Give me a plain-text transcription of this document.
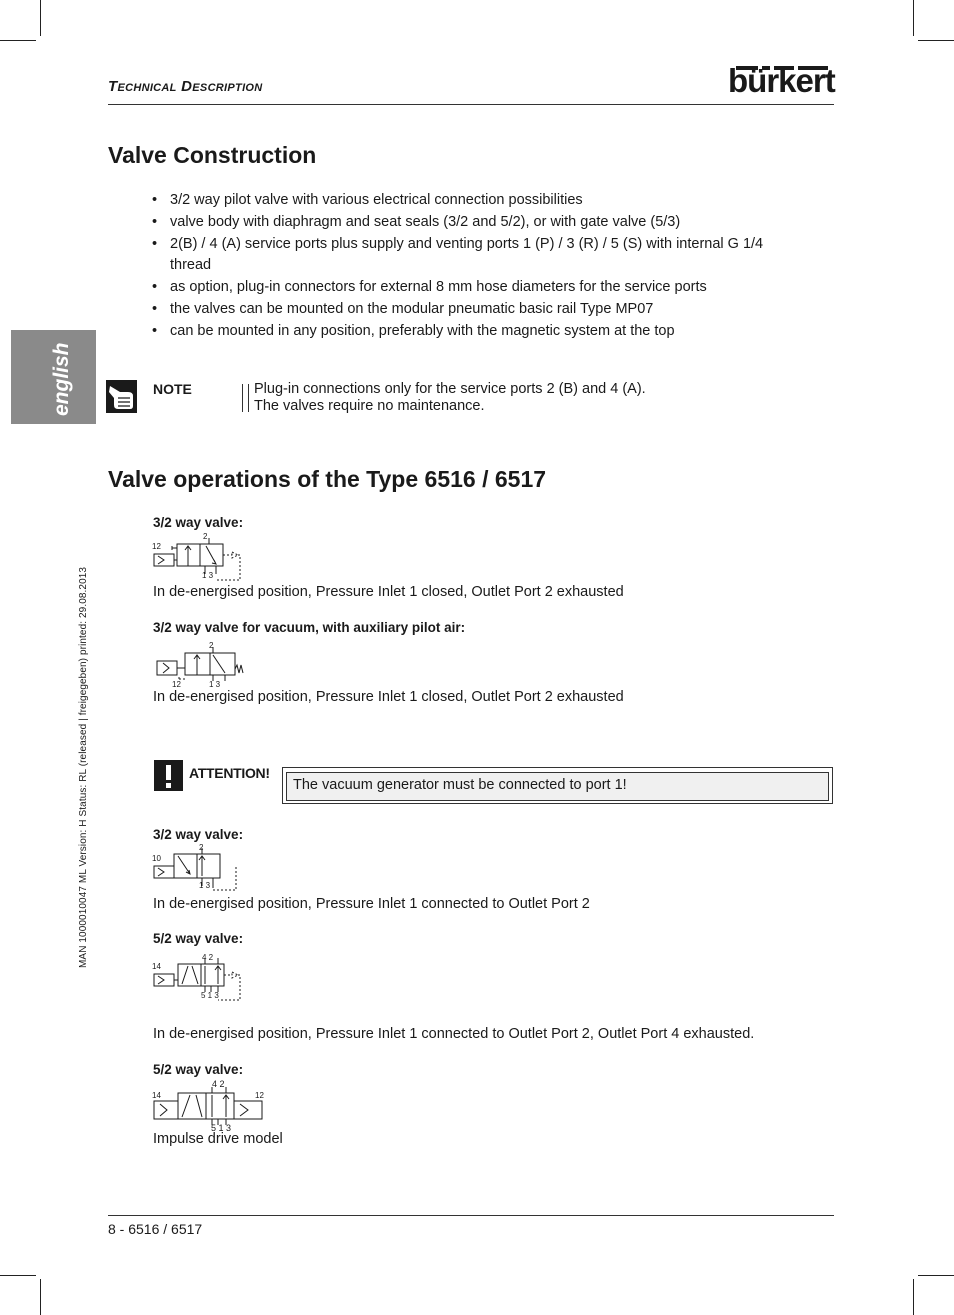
Technical Description	bürkert
english
MAN 1000010047 ML Version: H Status: RL (released | freigegeben) printed: 29.08.2013
Valve Construction
• 3/2 way pilot valve with various electrical connection possibilities
• valve body with diaphragm and seat seals (3/2 and 5/2), or with gate valve (5/3)
• 2(B) / 4 (A) service ports plus supply and venting ports 1 (P) / 3 (R) / 5 (S) with internal G 1/4 thread
• as option, plug-in connectors for external 8 mm hose diameters for the service ports
• the valves can be mounted on the modular pneumatic basic rail Type MP07
• can be mounted in any position, preferably with the magnetic system at the top
NOTE	Plug-in connections only for the service ports 2 (B) and 4 (A).
The valves require no maintenance.
Valve operations of the Type 6516 / 6517
3/2 way valve:
12
2
1 3
In de-energised position, Pressure Inlet 1 closed, Outlet Port 2 exhausted
3/2 way valve for vacuum, with auxiliary pilot air:
12
2
1 3
In de-energised position, Pressure Inlet 1 closed, Outlet Port 2 exhausted
ATTENTION!
The vacuum generator must be connected to port 1!
3/2 way valve:
10
2
1 3
In de-energised position, Pressure Inlet 1 connected to Outlet Port 2
5/2 way valve:
14
4 2
5 1 3
In de-energised position, Pressure Inlet 1 connected to Outlet Port 2, Outlet Port 4 exhausted.
5/2 way valve:
14	12
4 2
5 1 3
Impulse drive model
8 - 6516 / 6517
